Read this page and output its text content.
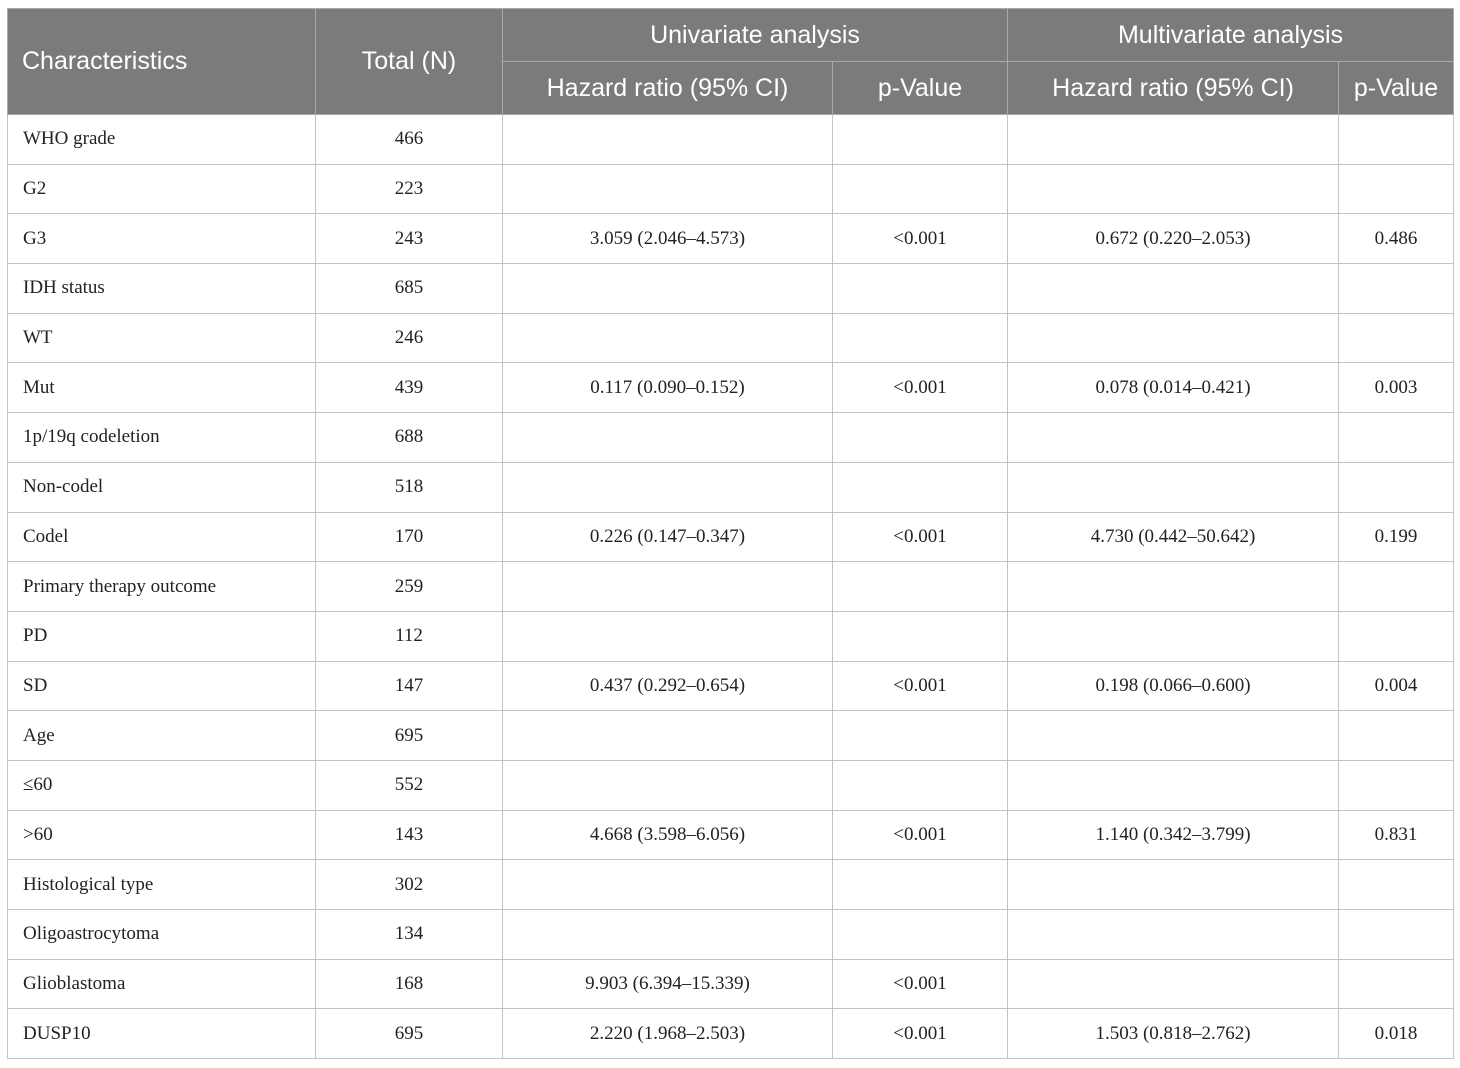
Characteristics	Total (N)	Univariate analysis		Multivariate analysis	
		Hazard ratio (95% CI)	p-Value	Hazard ratio (95% CI)	p-Value
WHO grade	466				
G2	223				
G3	243	3.059 (2.046–4.573)	<0.001	0.672 (0.220–2.053)	0.486
IDH status	685				
WT	246				
Mut	439	0.117 (0.090–0.152)	<0.001	0.078 (0.014–0.421)	0.003
1p/19q codeletion	688				
Non-codel	518				
Codel	170	0.226 (0.147–0.347)	<0.001	4.730 (0.442–50.642)	0.199
Primary therapy outcome	259				
PD	112				
SD	147	0.437 (0.292–0.654)	<0.001	0.198 (0.066–0.600)	0.004
Age	695				
≤60	552				
>60	143	4.668 (3.598–6.056)	<0.001	1.140 (0.342–3.799)	0.831
Histological type	302				
Oligoastrocytoma	134				
Glioblastoma	168	9.903 (6.394–15.339)	<0.001		
DUSP10	695	2.220 (1.968–2.503)	<0.001	1.503 (0.818–2.762)	0.018
